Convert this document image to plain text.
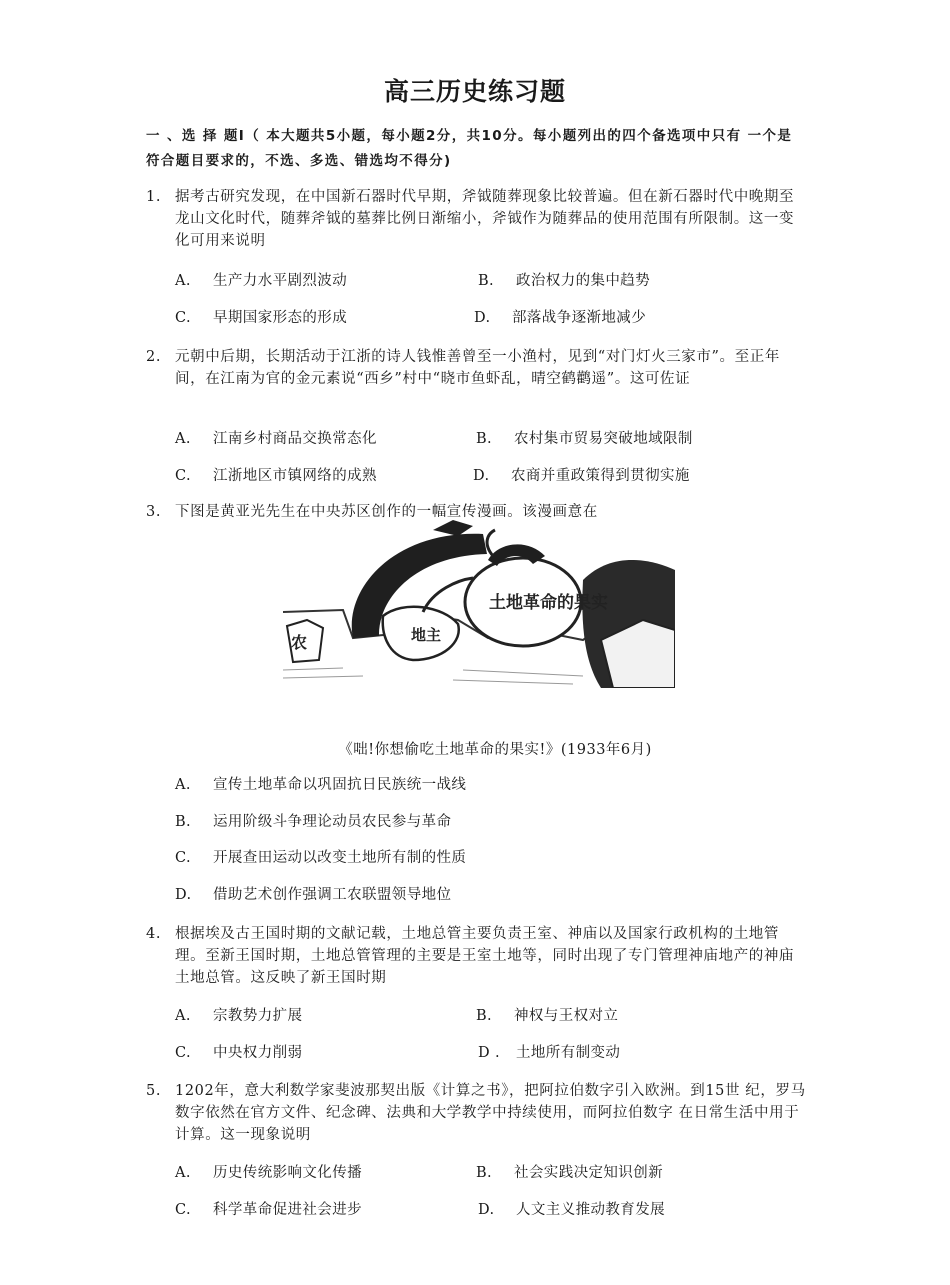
高三历史练习题
一 、选 择 题Ⅰ（ 本大题共5小题，每小题2分，共10分。每小题列出的四个备选项中只有 一个是符合题目要求的，不选、多选、错选均不得分)
1. 据考古研究发现，在中国新石器时代早期，斧钺随葬现象比较普遍。但在新石器时代中晚期至龙山文化时代，随葬斧钺的墓葬比例日渐缩小，斧钺作为随葬品的使用范围有所限制。这一变化可用来说明
A. 生产力水平剧烈波动	B. 政治权力的集中趋势
C. 早期国家形态的形成	D. 部落战争逐渐地减少
2. 元朝中后期，长期活动于江浙的诗人钱惟善曾至一小渔村，见到“对门灯火三家市”。至正年间，在江南为官的金元素说“西乡”村中“晓市鱼虾乱，晴空鹤鹳遥”。这可佐证
A. 江南乡村商品交换常态化	B. 农村集市贸易突破地域限制
C. 江浙地区市镇网络的成熟	D. 农商并重政策得到贯彻实施
3. 下图是黄亚光先生在中央苏区创作的一幅宣传漫画。该漫画意在
土地革命的果实
地主
农
《咄!你想偷吃土地革命的果实!》(1933年6月)
A. 宣传土地革命以巩固抗日民族统一战线
B. 运用阶级斗争理论动员农民参与革命
C. 开展查田运动以改变土地所有制的性质
D. 借助艺术创作强调工农联盟领导地位
4. 根据埃及古王国时期的文献记载，土地总管主要负责王室、神庙以及国家行政机构的土地管理。至新王国时期，土地总管管理的主要是王室土地等，同时出现了专门管理神庙地产的神庙土地总管。这反映了新王国时期
A. 宗教势力扩展	B. 神权与王权对立
C. 中央权力削弱	D . 土地所有制变动
5. 1202年，意大利数学家斐波那契出版《计算之书》，把阿拉伯数字引入欧洲。到15世 纪，罗马数字依然在官方文件、纪念碑、法典和大学教学中持续使用，而阿拉伯数字 在日常生活中用于计算。这一现象说明
A. 历史传统影响文化传播	B. 社会实践决定知识创新
C. 科学革命促进社会进步	D. 人文主义推动教育发展
